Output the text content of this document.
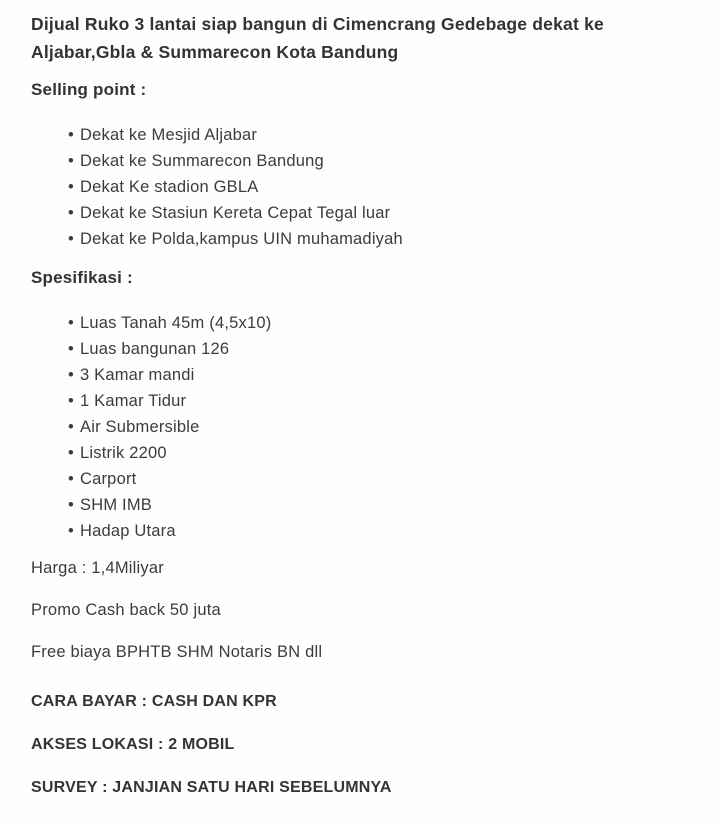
Dijual Ruko 3 lantai siap bangun di Cimencrang Gedebage dekat ke Aljabar,Gbla & Summarecon Kota Bandung
Selling point :
• Dekat ke Mesjid Aljabar
• Dekat ke Summarecon Bandung
• Dekat Ke stadion GBLA
• Dekat ke Stasiun Kereta Cepat Tegal luar
• Dekat ke Polda,kampus UIN muhamadiyah
Spesifikasi :
• Luas Tanah 45m (4,5x10)
• Luas bangunan 126
• 3 Kamar mandi
• 1 Kamar Tidur
• Air Submersible
• Listrik 2200
• Carport
• SHM IMB
• Hadap Utara

Harga : 1,4Miliyar

Promo Cash back 50 juta

Free biaya BPHTB SHM Notaris BN dll

CARA BAYAR : CASH DAN KPR

AKSES LOKASI : 2 MOBIL

SURVEY : JANJIAN SATU HARI SEBELUMNYA
